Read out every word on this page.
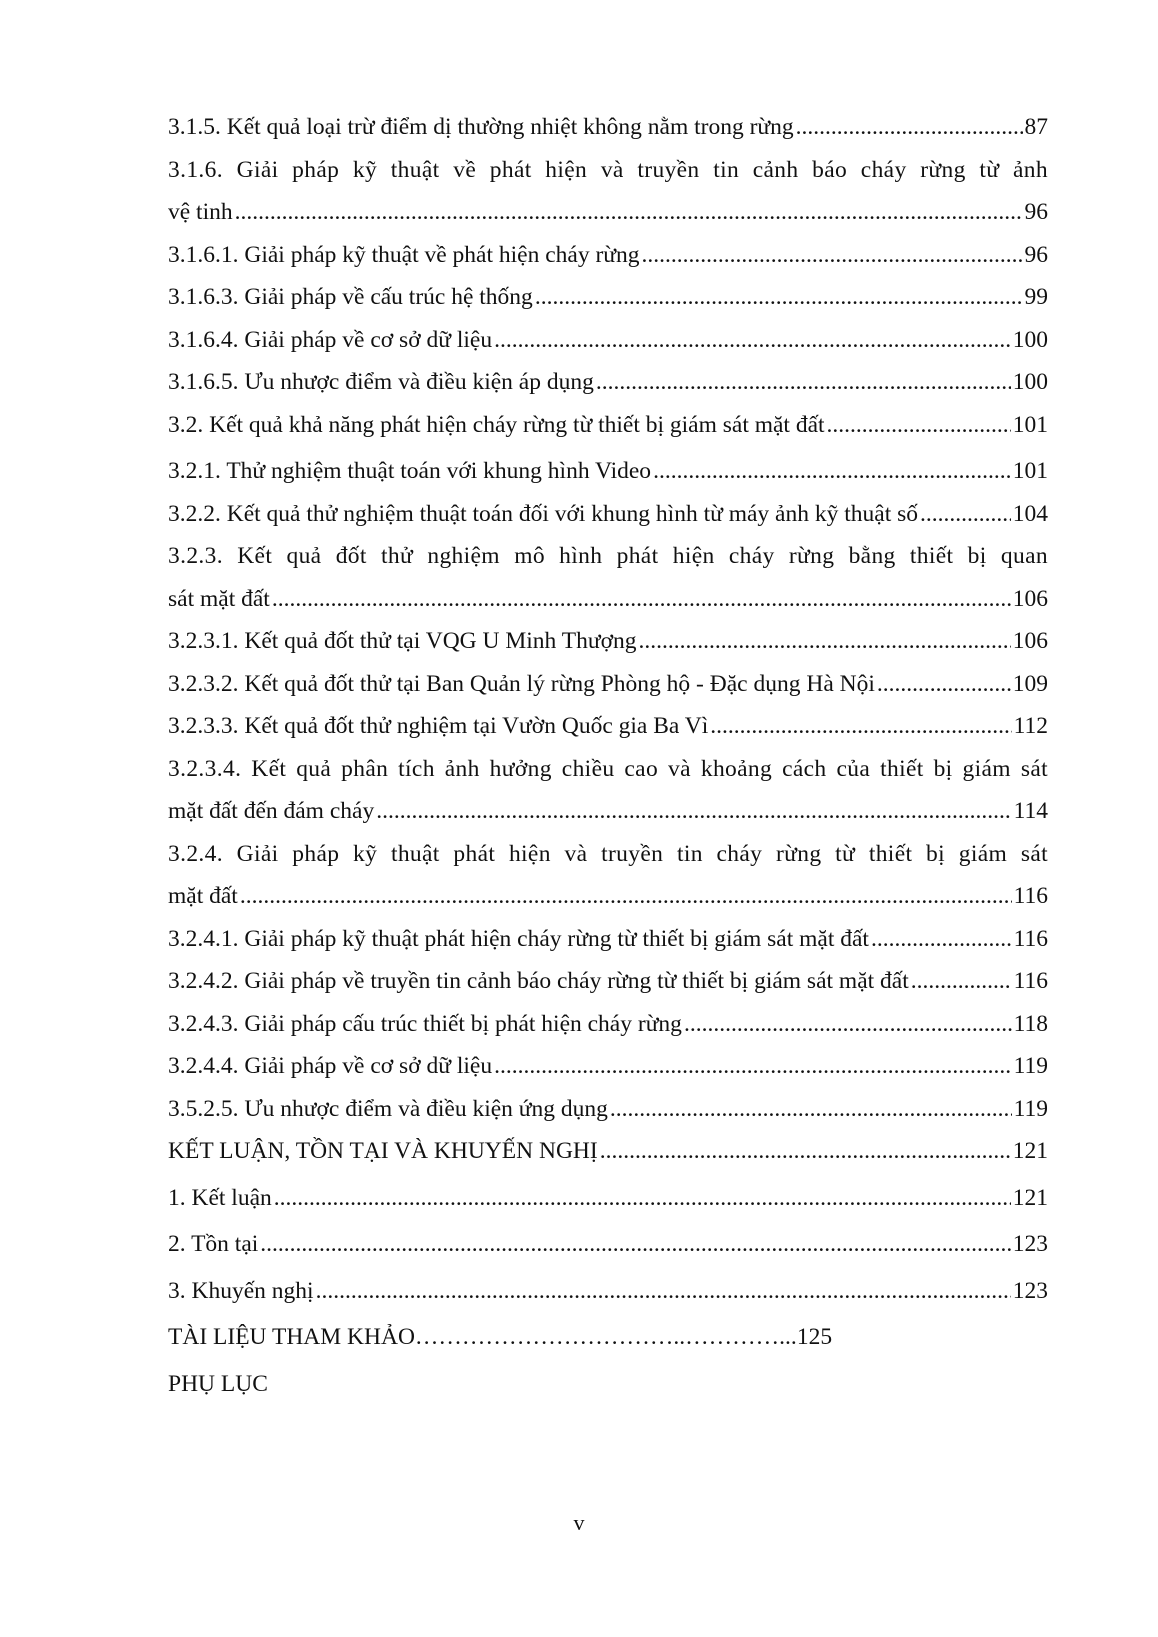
3.1.5. Kết quả loại trừ điểm dị thường nhiệt không nằm trong rừng .....	87
3.1.6. Giải pháp kỹ thuật về phát hiện và truyền tin cảnh báo cháy rừng từ ảnh
vệ tinh .....	96
3.1.6.1. Giải pháp kỹ thuật về phát hiện cháy rừng .....	96
3.1.6.3. Giải pháp về cấu trúc hệ thống .....	99
3.1.6.4. Giải pháp về cơ sở dữ liệu .....	100
3.1.6.5. Ưu nhược điểm và điều kiện áp dụng .....	100
3.2. Kết quả khả năng phát hiện cháy rừng từ thiết bị giám sát mặt đất .....	101
3.2.1. Thử nghiệm thuật toán với khung hình Video .....	101
3.2.2. Kết quả thử nghiệm thuật toán đối với khung hình từ máy ảnh kỹ thuật số .....	104
3.2.3. Kết quả đốt thử nghiệm mô hình phát hiện cháy rừng bằng thiết bị quan
sát mặt đất .....	106
3.2.3.1. Kết quả đốt thử tại VQG U Minh Thượng .....	106
3.2.3.2. Kết quả đốt thử tại Ban Quản lý rừng Phòng hộ - Đặc dụng Hà Nội .....	109
3.2.3.3. Kết quả đốt thử nghiệm tại Vườn Quốc gia Ba Vì .....	112
3.2.3.4. Kết quả phân tích ảnh hưởng chiều cao và khoảng cách của thiết bị giám sát
mặt đất đến đám cháy .....	114
3.2.4. Giải pháp kỹ thuật phát hiện và truyền tin cháy rừng từ thiết bị giám sát
mặt đất .....	116
3.2.4.1. Giải pháp kỹ thuật phát hiện cháy rừng từ thiết bị giám sát mặt đất .....	116
3.2.4.2. Giải pháp về truyền tin cảnh báo cháy rừng từ thiết bị giám sát mặt đất .....	116
3.2.4.3. Giải pháp cấu trúc thiết bị phát hiện cháy rừng .....	118
3.2.4.4. Giải pháp về cơ sở dữ liệu .....	119
3.5.2.5. Ưu nhược điểm và điều kiện ứng dụng .....	119
KẾT LUẬN, TỒN TẠI VÀ KHUYẾN NGHỊ .....	121
1. Kết luận .....	121
2. Tồn tại .....	123
3. Khuyến nghị .....	123
TÀI LIỆU THAM KHẢO……………………………..…………... 125
PHỤ LỤC
v
